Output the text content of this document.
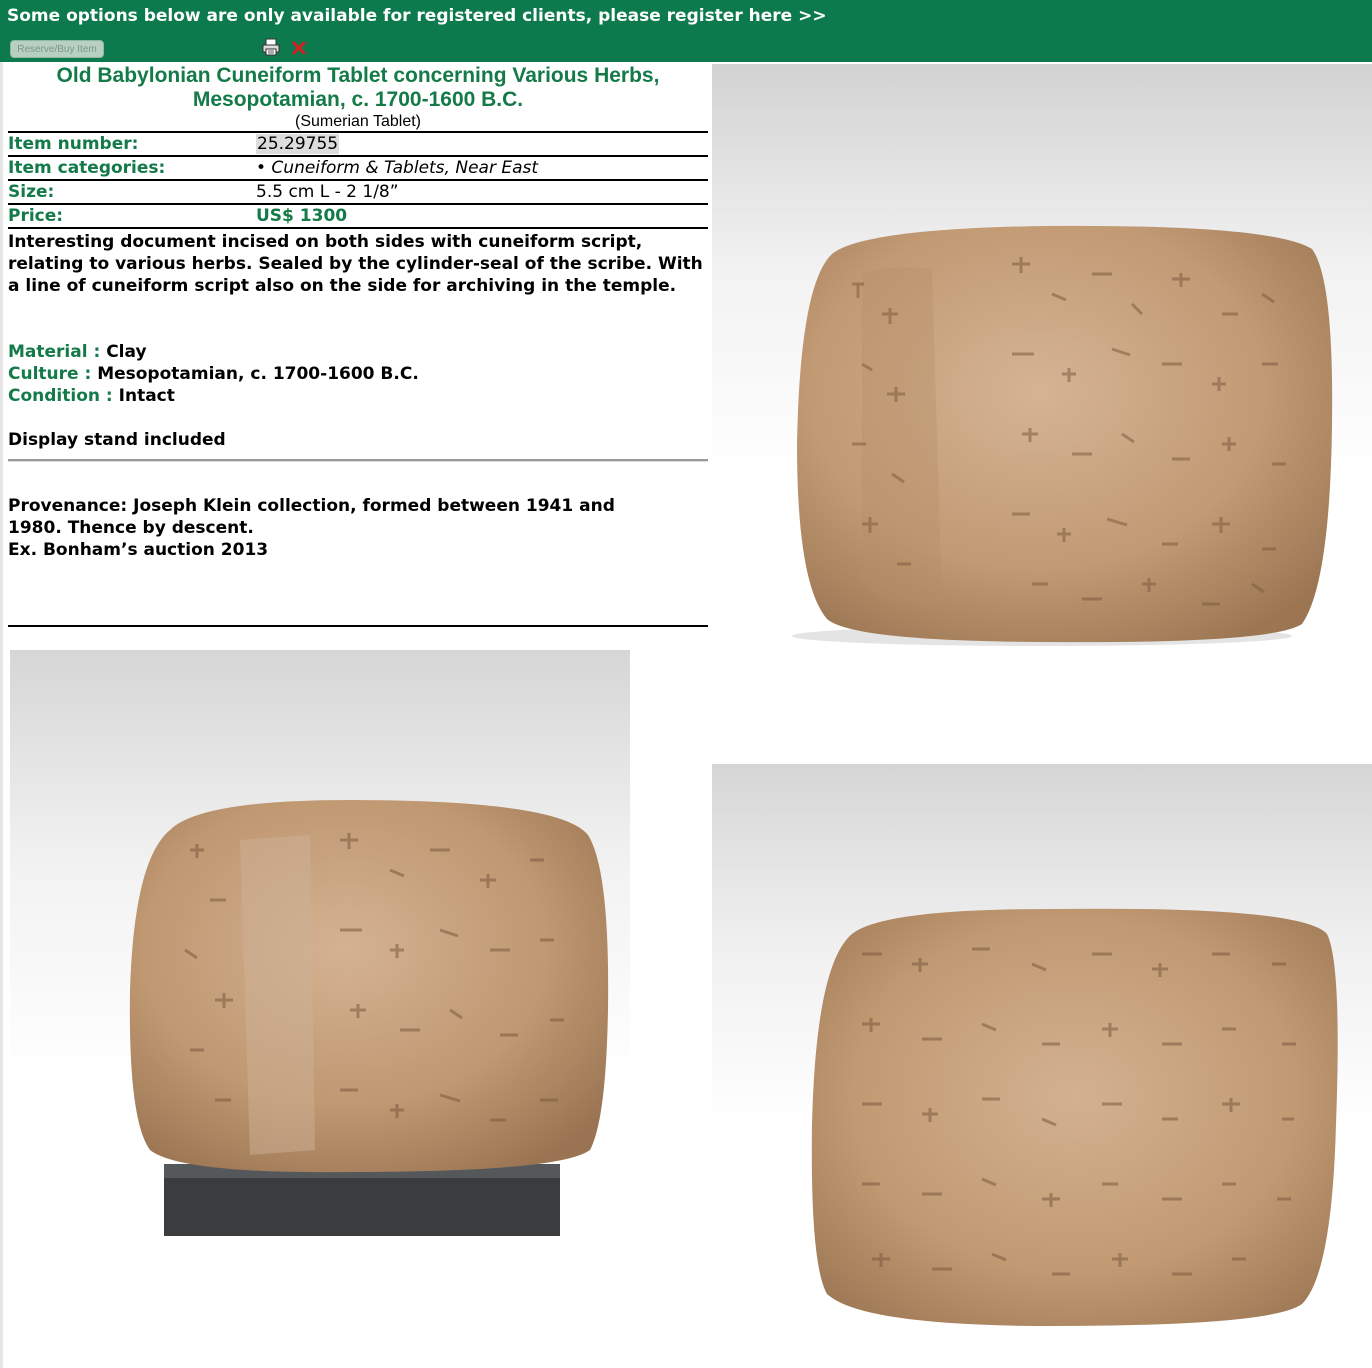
Some options below are only available for registered clients, please register here >>
Reserve/Buy Item
Old Babylonian Cuneiform Tablet concerning Various Herbs,
Mesopotamian, c. 1700-1600 B.C.
(Sumerian Tablet)
Item number:	25.29755
Item categories:	• Cuneiform & Tablets, Near East
Size:	5.5 cm L - 2 1/8”
Price:	US$ 1300
Interesting document incised on both sides with cuneiform script, relating to various herbs. Sealed by the cylinder-seal of the scribe. With a line of cuneiform script also on the side for archiving in the temple.
Material : Clay
Culture : Mesopotamian, c. 1700-1600 B.C.
Condition : Intact
Display stand included
Provenance: Joseph Klein collection, formed between 1941 and
1980. Thence by descent.
Ex. Bonham’s auction 2013
